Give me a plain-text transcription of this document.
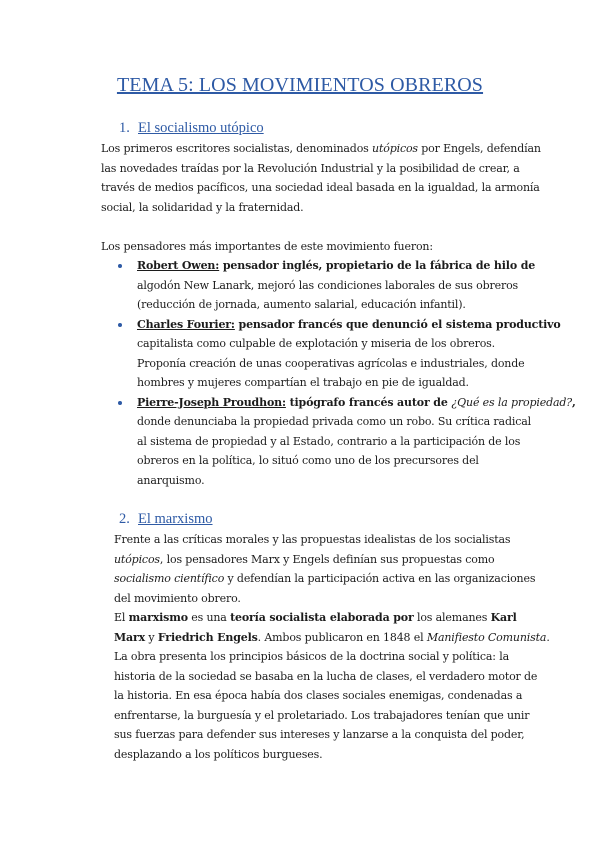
TEMA 5: LOS MOVIMIENTOS OBREROS
1. El socialismo utópico
Los primeros escritores socialistas, denominados utópicos por Engels, defendían
las novedades traídas por la Revolución Industrial y la posibilidad de crear, a
través de medios pacíficos, una sociedad ideal basada en la igualdad, la armonía
social, la solidaridad y la fraternidad.
Los pensadores más importantes de este movimiento fueron:
Robert Owen: pensador inglés, propietario de la fábrica de hilo de
algodón New Lanark, mejoró las condiciones laborales de sus obreros
(reducción de jornada, aumento salarial, educación infantil).
Charles Fourier: pensador francés que denunció el sistema productivo
capitalista como culpable de explotación y miseria de los obreros.
Proponía creación de unas cooperativas agrícolas e industriales, donde
hombres y mujeres compartían el trabajo en pie de igualdad.
Pierre-Joseph Proudhon: tipógrafo francés autor de ¿Qué es la propiedad?,
donde denunciaba la propiedad privada como un robo. Su crítica radical
al sistema de propiedad y al Estado, contrario a la participación de los
obreros en la política, lo situó como uno de los precursores del
anarquismo.
2. El marxismo
Frente a las críticas morales y las propuestas idealistas de los socialistas
utópicos, los pensadores Marx y Engels definían sus propuestas como
socialismo científico y defendían la participación activa en las organizaciones
del movimiento obrero.
El marxismo es una teoría socialista elaborada por los alemanes Karl
Marx y Friedrich Engels. Ambos publicaron en 1848 el Manifiesto Comunista.
La obra presenta los principios básicos de la doctrina social y política: la
historia de la sociedad se basaba en la lucha de clases, el verdadero motor de
la historia. En esa época había dos clases sociales enemigas, condenadas a
enfrentarse, la burguesía y el proletariado. Los trabajadores tenían que unir
sus fuerzas para defender sus intereses y lanzarse a la conquista del poder,
desplazando a los políticos burgueses.
